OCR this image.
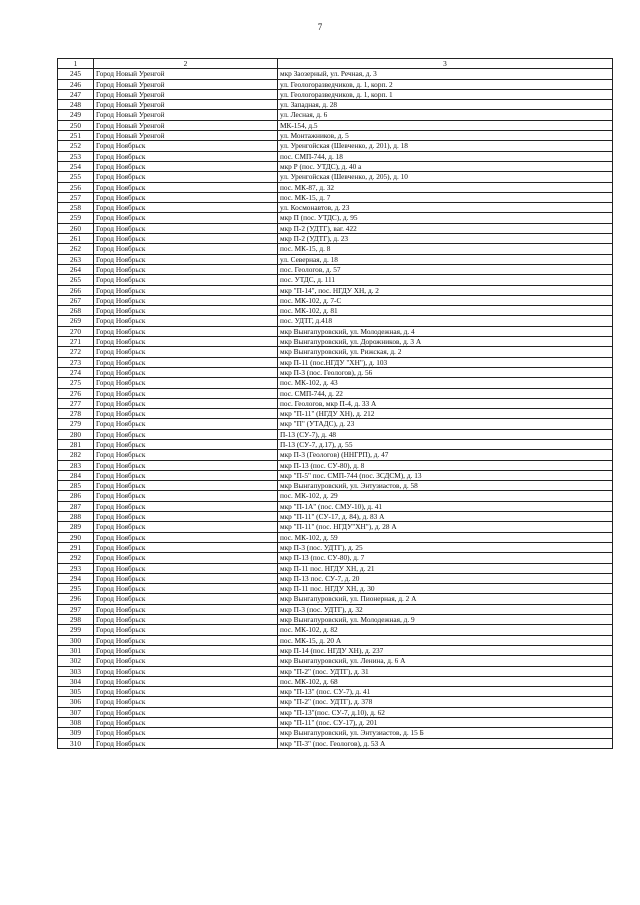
7
1	2	3
245	Город Новый Уренгой	мкр Заозерный, ул. Речная, д. 3
246	Город Новый Уренгой	ул. Геологоразведчиков, д. 1, корп. 2
247	Город Новый Уренгой	ул. Геологоразведчиков, д. 1, корп. 1
248	Город Новый Уренгой	ул. Западная, д. 28
249	Город Новый Уренгой	ул. Лесная, д. 6
250	Город Новый Уренгой	МК-154, д.5
251	Город Новый Уренгой	ул. Монтажников, д. 5
252	Город Ноябрьск	ул. Уренгойская (Шевченко, д. 201), д. 18
253	Город Ноябрьск	пос. СМП-744, д. 18
254	Город Ноябрьск	мкр Р (пос. УТДС), д. 40 а
255	Город Ноябрьск	ул. Уренгойская (Шевченко, д. 205), д. 10
256	Город Ноябрьск	пос. МК-87, д. 32
257	Город Ноябрьск	пос. МК-15, д. 7
258	Город Ноябрьск	ул. Космонавтов, д. 23
259	Город Ноябрьск	мкр П (пос. УТДС), д. 95
260	Город Ноябрьск	мкр П-2 (УДТГ), ваг. 422
261	Город Ноябрьск	мкр П-2 (УДТГ), д. 23
262	Город Ноябрьск	пос. МК-15, д. 8
263	Город Ноябрьск	ул. Северная, д. 18
264	Город Ноябрьск	пос. Геологов, д. 57
265	Город Ноябрьск	пос. УТДС, д. 111
266	Город Ноябрьск	мкр "П-14", пос. НГДУ ХН, д. 2
267	Город Ноябрьск	пос. МК-102, д. 7-С
268	Город Ноябрьск	пос. МК-102, д. 81
269	Город Ноябрьск	пос. УДТГ, д.418
270	Город Ноябрьск	мкр Вынгапуровский, ул. Молодежная, д. 4
271	Город Ноябрьск	мкр Вынгапуровский, ул. Дорожников, д. 3 А
272	Город Ноябрьск	мкр Вынгапуровский, ул. Рижская, д. 2
273	Город Ноябрьск	мкр П-11 (пос.НГДУ "ХН"), д. 103
274	Город Ноябрьск	мкр П-3 (пос. Геологов), д. 56
275	Город Ноябрьск	пос. МК-102, д. 43
276	Город Ноябрьск	пос. СМП-744, д. 22
277	Город Ноябрьск	пос. Геологов, мкр П-4, д. 33 А
278	Город Ноябрьск	мкр "П-11" (НГДУ ХН), д. 212
279	Город Ноябрьск	мкр "П" (УТАДС), д. 23
280	Город Ноябрьск	П-13 (СУ-7), д. 48
281	Город Ноябрьск	П-13 (СУ-7, д.17), д. 55
282	Город Ноябрьск	мкр П-3 (Геологов) (ННГРП), д. 47
283	Город Ноябрьск	мкр П-13 (пос. СУ-80), д. 8
284	Город Ноябрьск	мкр "П-5" пос. СМП-744 (пос. ЗСДСМ), д. 13
285	Город Ноябрьск	мкр Вынгапуровский, ул. Энтузиастов, д. 58
286	Город Ноябрьск	пос. МК-102, д. 29
287	Город Ноябрьск	мкр "П-1А" (пос. СМУ-10), д. 41
288	Город Ноябрьск	мкр "П-11" (СУ-17, д. 84), д. 83 А
289	Город Ноябрьск	мкр "П-11" (пос. НГДУ"ХН"), д. 28 А
290	Город Ноябрьск	пос. МК-102, д. 59
291	Город Ноябрьск	мкр П-3 (пос. УДТГ), д. 25
292	Город Ноябрьск	мкр П-13 (пос. СУ-80), д. 7
293	Город Ноябрьск	мкр П-11 пос. НГДУ ХН, д. 21
294	Город Ноябрьск	мкр П-13 пос. СУ-7, д. 20
295	Город Ноябрьск	мкр П-11 пос. НГДУ ХН, д. 30
296	Город Ноябрьск	мкр Вынгапуровский, ул. Пионерная, д. 2 А
297	Город Ноябрьск	мкр П-3 (пос. УДТГ), д. 32
298	Город Ноябрьск	мкр Вынгапуровский, ул. Молодежная, д. 9
299	Город Ноябрьск	пос. МК-102, д. 82
300	Город Ноябрьск	пос. МК-15, д. 20 А
301	Город Ноябрьск	мкр П-14 (пос. НГДУ ХН), д. 237
302	Город Ноябрьск	мкр Вынгапуровский, ул. Ленина, д. 6 А
303	Город Ноябрьск	мкр "П-2" (пос. УДТГ), д. 31
304	Город Ноябрьск	пос. МК-102, д. 68
305	Город Ноябрьск	мкр "П-13" (пос. СУ-7), д. 41
306	Город Ноябрьск	мкр "П-2" (пос. УДТГ), д. 378
307	Город Ноябрьск	мкр "П-13"(пос. СУ-7, д.10), д. 62
308	Город Ноябрьск	мкр "П-11" (пос. СУ-17), д. 201
309	Город Ноябрьск	мкр Вынгапуровский, ул. Энтузиастов, д. 15 Б
310	Город Ноябрьск	мкр "П-3" (пос. Геологов), д. 53 А
